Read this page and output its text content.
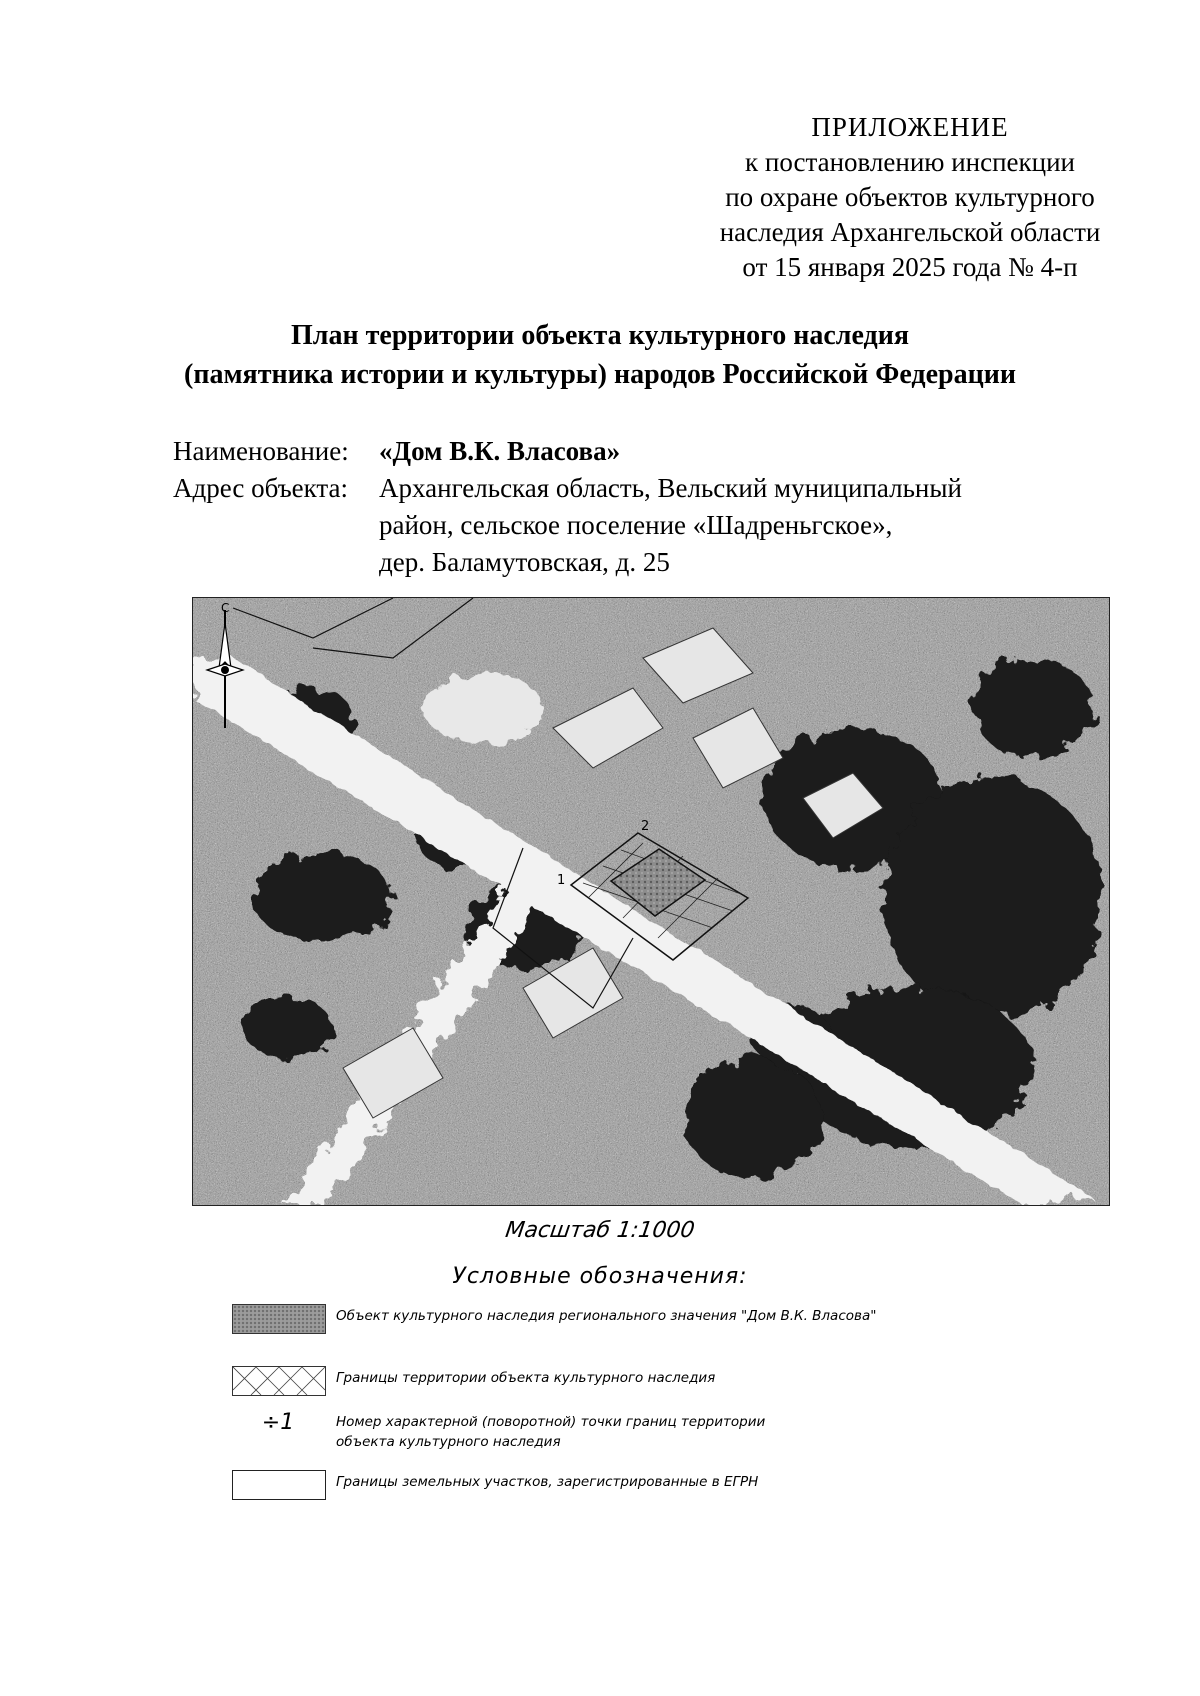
ПРИЛОЖЕНИЕ
к постановлению инспекции
по охране объектов культурного
наследия Архангельской области
от 15 января 2025 года № 4-п
План территории объекта культурного наследия
(памятника истории и культуры) народов Российской Федерации
Наименование:	«Дом В.К. Власова»
Адрес объекта:	Архангельская область, Вельский муниципальный
район, сельское поселение «Шадреньгское»,
дер. Баламутовская, д. 25
1
2
С
Масштаб 1:1000
Условные обозначения:
Объект культурного наследия регионального значения "Дом В.К. Власова"
Границы территории объекта культурного наследия
÷1	Номер характерной (поворотной) точки границ территории
объекта культурного наследия
Границы земельных участков, зарегистрированные в ЕГРН
